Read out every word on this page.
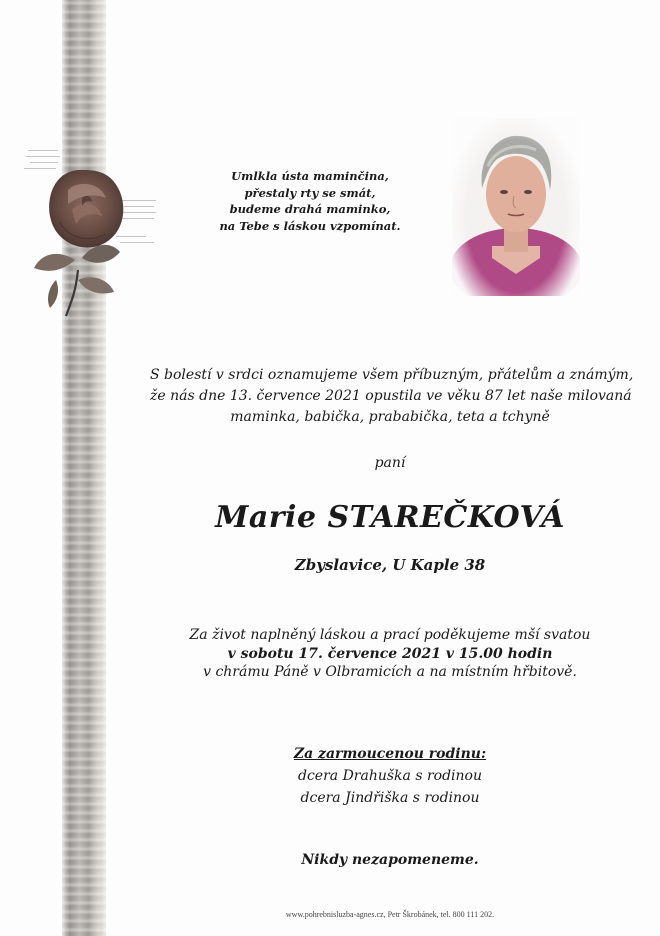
Umlkla ústa maminčina,
přestaly rty se smát,
budeme drahá maminko,
na Tebe s láskou vzpomínat.
S bolestí v srdci oznamujeme všem příbuzným, přátelům a známým,
že nás dne 13. července 2021 opustila ve věku 87 let naše milovaná
maminka, babička, prababička, teta a tchyně
paní
Marie STAREČKOVÁ
Zbyslavice, U Kaple 38
Za život naplněný láskou a prací poděkujeme mší svatou
v sobotu 17. července 2021 v 15.00 hodin
v chrámu Páně v Olbramicích a na místním hřbitově.
Za zarmoucenou rodinu:
dcera Drahuška s rodinou
dcera Jindřiška s rodinou
Nikdy nezapomeneme.
www.pohrebnisluzba-agnes.cz, Petr Škrobánek, tel. 800 111 202.
